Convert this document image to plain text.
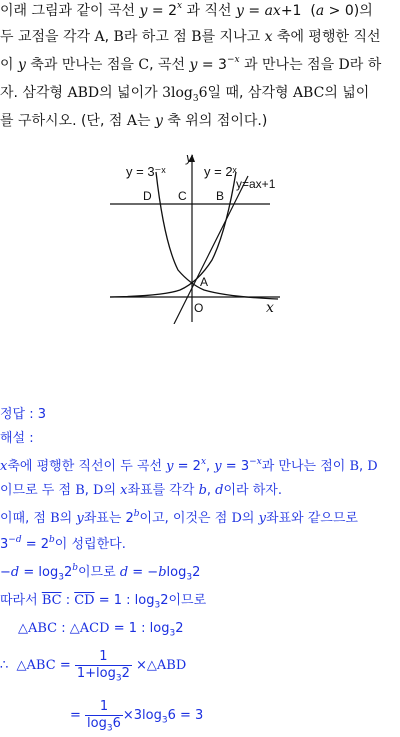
이래 그림과 같이 곡선 $y = 2^x$ 과 직선 y = ax+1  (a > 0)의
두 교점을 각각 A, B라 하고 점 B를 지나고 x 축에 평행한 직선
이 y 축과 만나는 점을 C, 곡선 $y = 3^{-x}$ 과 만나는 점을 D라 하
자. 삼각형 ABD의 넓이가 $3\log_36$일 때, 삼각형 ABC의 넓이
를 구하시오. (단, 점 A는 y 축 위의 점이다.)
y = 3⁻ˣ
y
y = 2ˣ
y=ax+1
D C B
A
O	x
정답 : 3
해설 :
x축에 평행한 직선이 두 곡선 $y = 2^x$, $y = 3^{-x}$과 만나는 점이 B, D
이므로 두 점 B, D의 x좌표를 각각 b, d이라 하자.
이때, 점 B의 y좌표는 2$^b$이고, 이것은 점 D의 y좌표와 같으므로
$3^{-d} = 2^b$이 성립한다.
$-d = \log_32^b$이므로 d = −blog$_3$2
따라서 $\overline{BC}$ : $\overline{CD} = 1$ : $\log_32$이므로
△ABC : △ACD = 1 : $\log_32$
∴  △ABC = $\frac{1}{1+\log_32}$ ×△ABD
= $\frac{1}{\log_36} \times 3\log_36 = 3$
